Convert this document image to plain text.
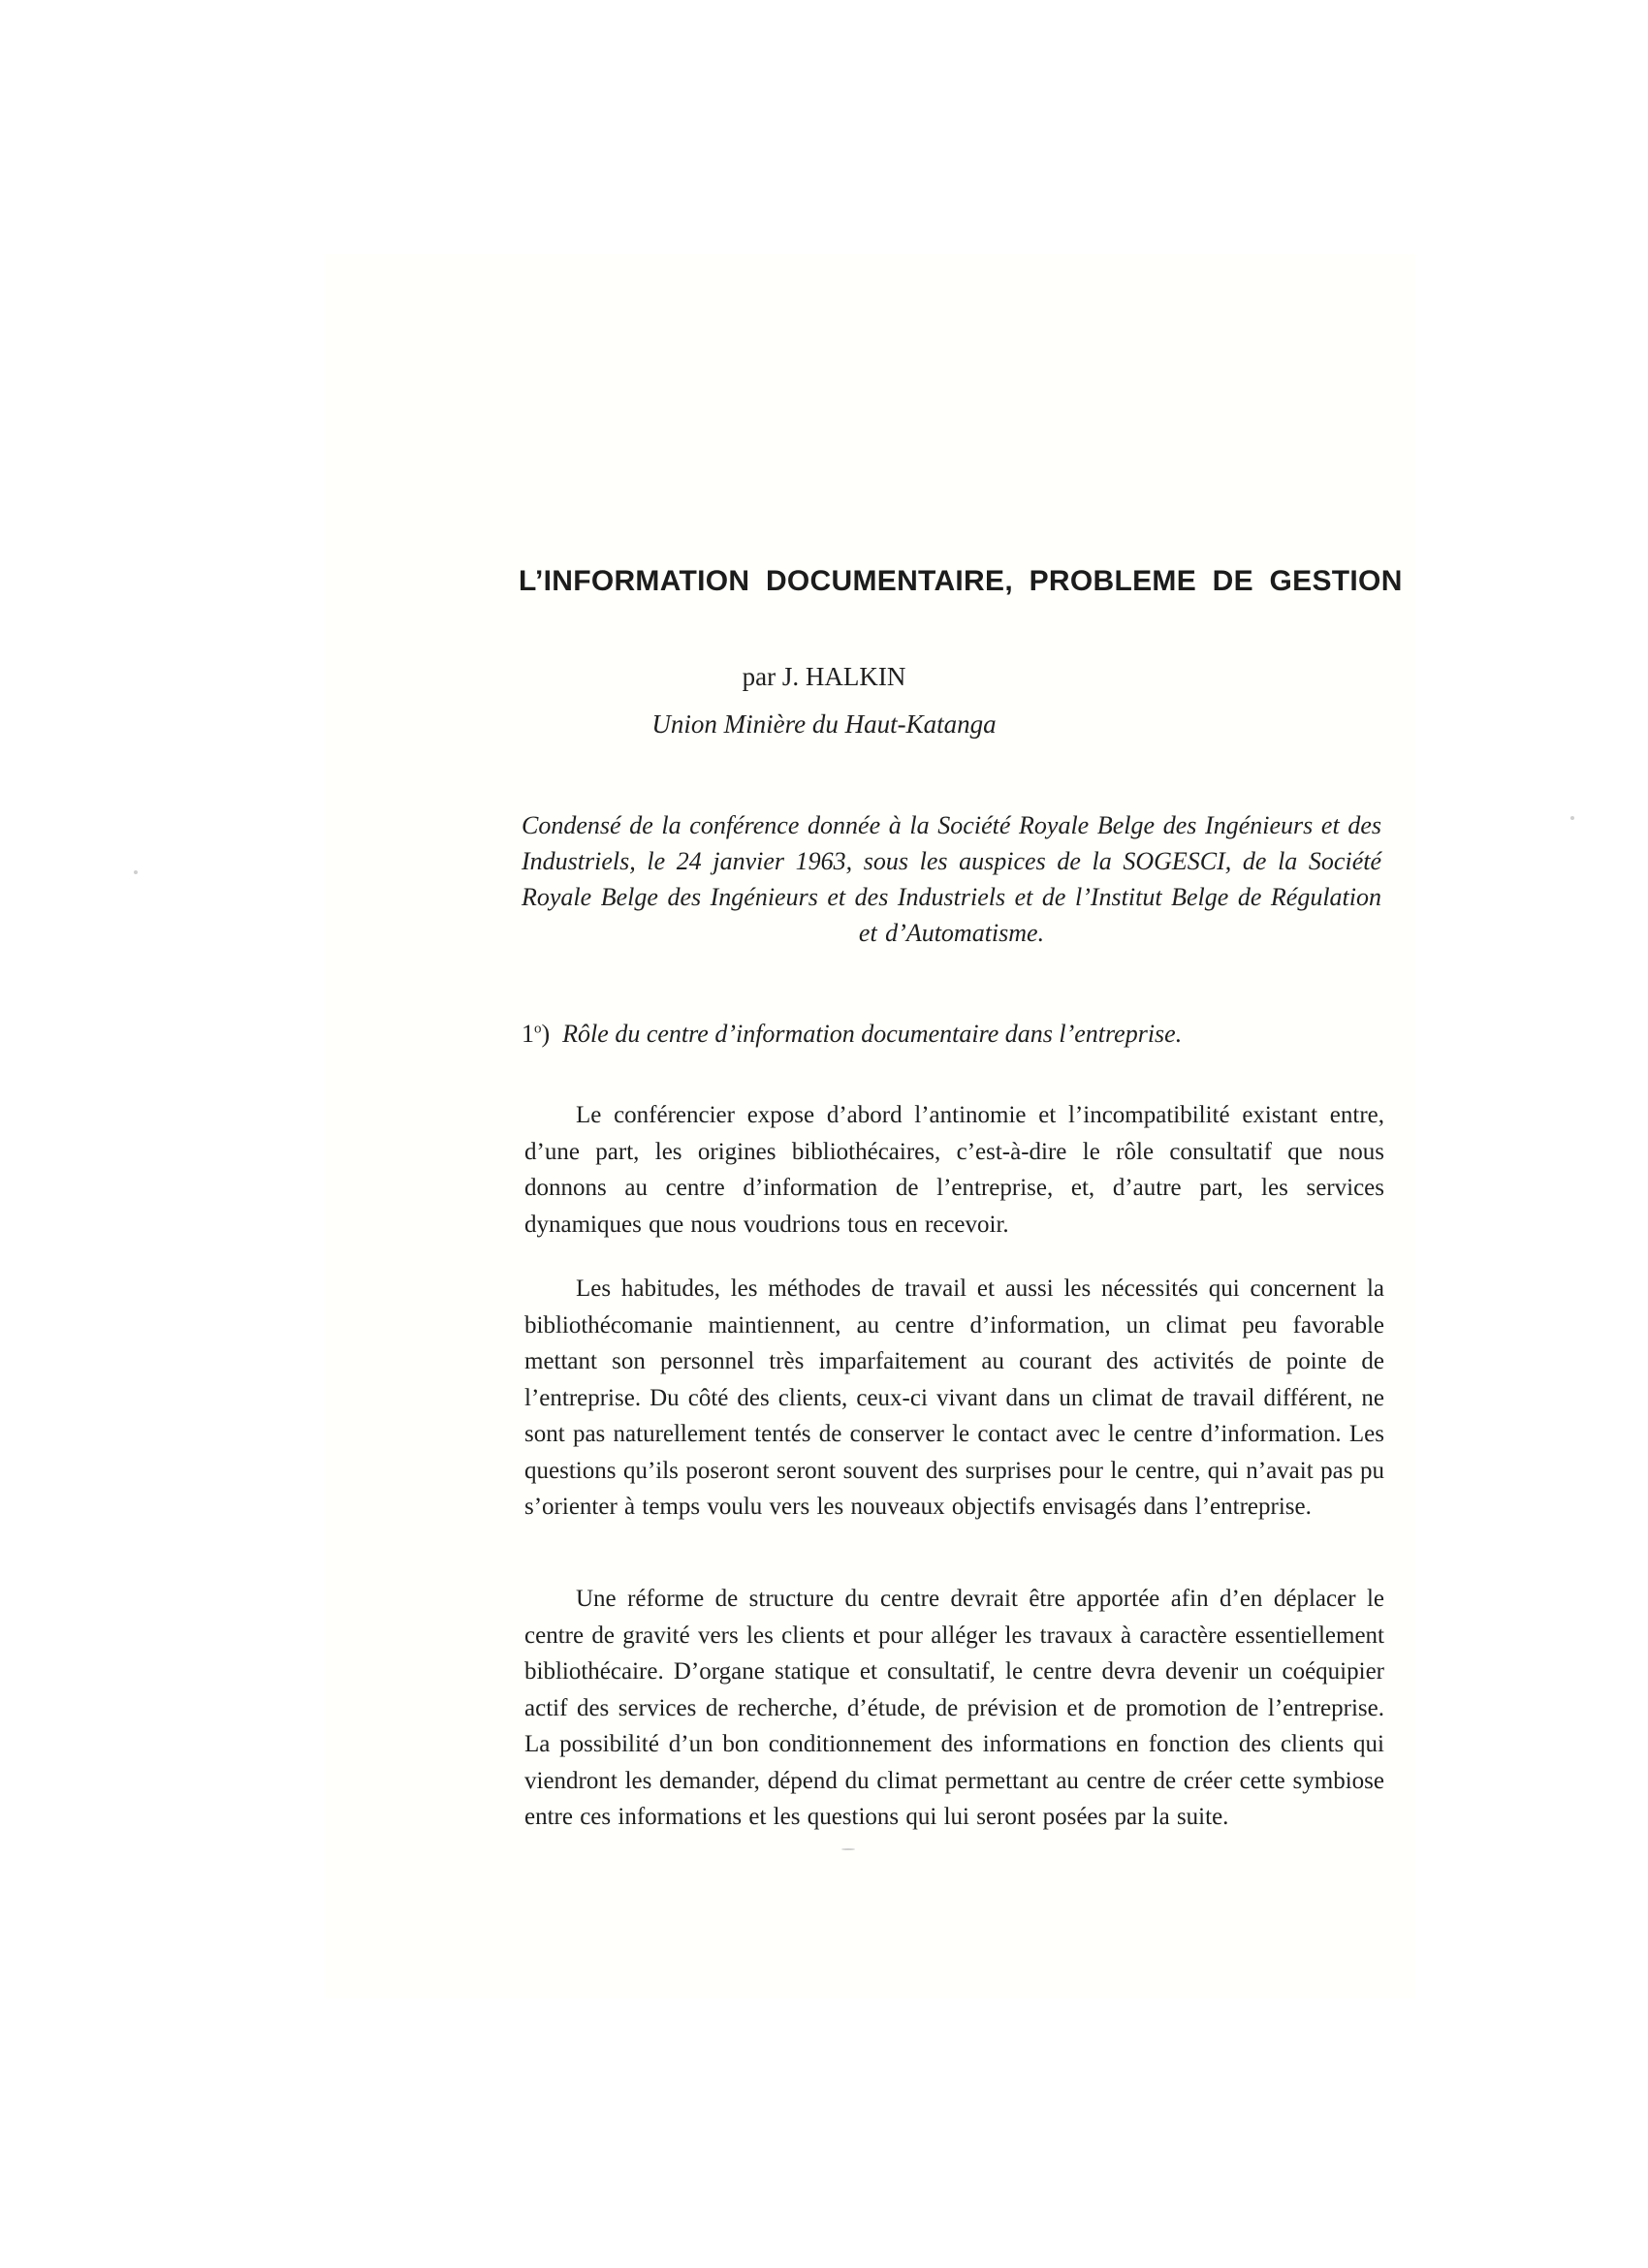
L’INFORMATION DOCUMENTAIRE, PROBLEME DE GESTION
par J. HALKIN
Union Minière du Haut-Katanga
Condensé de la conférence donnée à la Société Royale Belge des Ingénieurs et des Industriels, le 24 janvier 1963, sous les auspices de la SOGESCI, de la Société Royale Belge des Ingénieurs et des Industriels et de l’Institut Belge de Régulation et d’Automatisme.
1$^o$) Rôle du centre d’information documentaire dans l’entreprise.

Le conférencier expose d’abord l’antinomie et l’incompatibilité existant entre, d’une part, les origines bibliothécaires, c’est-à-dire le rôle consultatif que nous donnons au centre d’information de l’entreprise, et, d’autre part, les services dynamiques que nous voudrions tous en recevoir.

Les habitudes, les méthodes de travail et aussi les nécessités qui concernent la bibliothécomanie maintiennent, au centre d’information, un climat peu favorable mettant son personnel très imparfaitement au courant des activités de pointe de l’entreprise. Du côté des clients, ceux-ci vivant dans un climat de travail différent, ne sont pas naturellement tentés de conserver le contact avec le centre d’information. Les questions qu’ils poseront seront souvent des surprises pour le centre, qui n’avait pas pu s’orienter à temps voulu vers les nouveaux objectifs envisagés dans l’entreprise.

Une réforme de structure du centre devrait être apportée afin d’en déplacer le centre de gravité vers les clients et pour alléger les travaux à caractère essentiellement bibliothécaire. D’organe statique et consultatif, le centre devra devenir un coéquipier actif des services de recherche, d’étude, de prévision et de promotion de l’entreprise. La possibilité d’un bon conditionnement des informations en fonction des clients qui viendront les demander, dépend du climat permettant au centre de créer cette symbiose entre ces informations et les questions qui lui seront posées par la suite.
